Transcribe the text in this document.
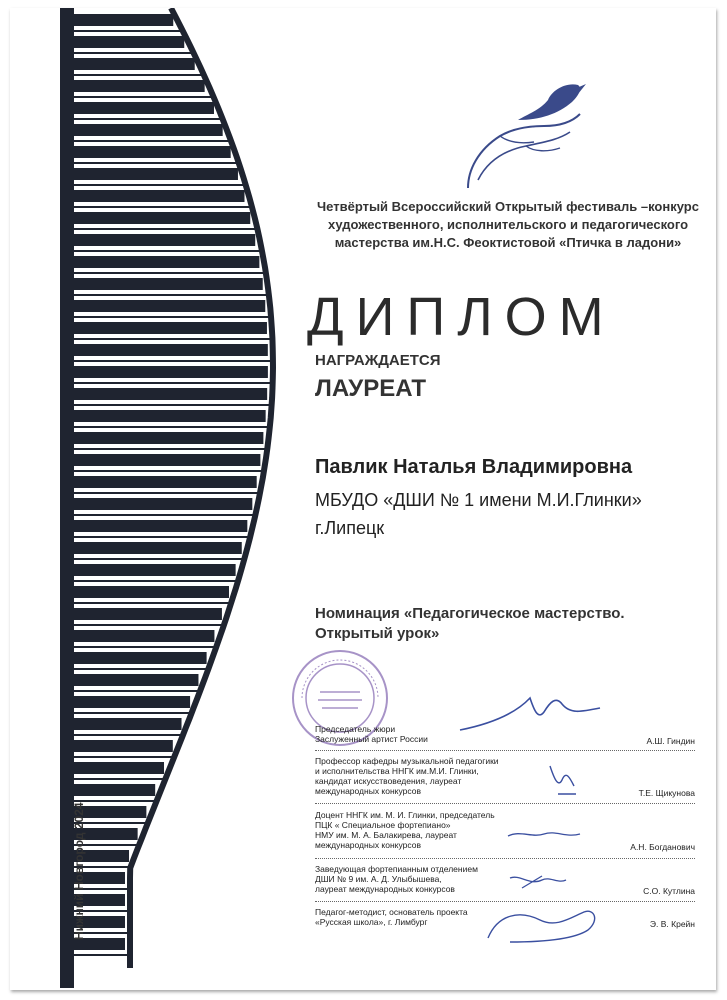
Четвёртый Всероссийский Открытый фестиваль –конкурс
художественного, исполнительского и педагогического
мастерства им.Н.С. Феоктистовой «Птичка в ладони»
ДИПЛОМ
НАГРАЖДАЕТСЯ
ЛАУРЕАТ
Павлик Наталья Владимировна
МБУДО «ДШИ № 1 имени М.И.Глинки»
г.Липецк
Номинация «Педагогическое мастерство.
Открытый урок»
Председатель жюри
Заслуженный артист России	А.Ш. Гиндин
Профессор кафедры музыкальной педагогики
и исполнительства ННГК им.М.И. Глинки,
кандидат искусствоведения, лауреат
международных конкурсов	Т.Е. Щикунова
Доцент ННГК им. М. И. Глинки, председатель
ПЦК « Специальное фортепиано»
НМУ им. М. А. Балакирева, лауреат
международных конкурсов	А.Н. Богданович
Заведующая фортепианным отделением
ДШИ № 9 им. А. Д. Улыбышева,
лауреат международных конкурсов	С.О. Кутлина
Педагог-методист, основатель проекта
«Русская школа», г. Лимбург	Э. В. Крейн
Нижний Новгород 2024
